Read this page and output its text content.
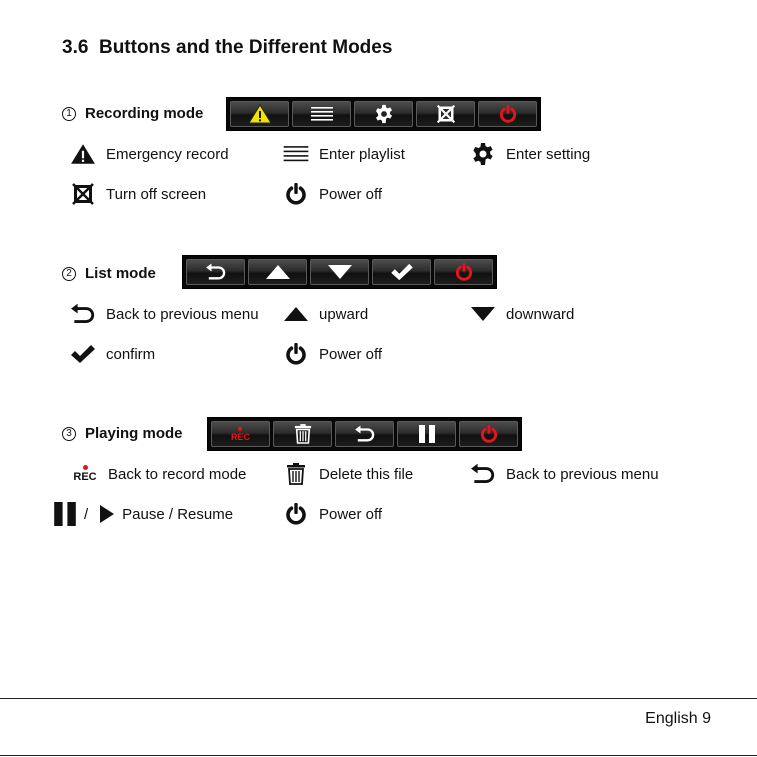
3.6  Buttons and the Different Modes
1 Recording mode
Emergency record	Enter playlist	Enter setting
Turn off screen	Power off
2 List mode
Back to previous menu	upward	downward
confirm	Power off
3 Playing mode	REC
REC Back to record mode	Delete this file	Back to previous menu
/ Pause / Resume	Power off
English 9
